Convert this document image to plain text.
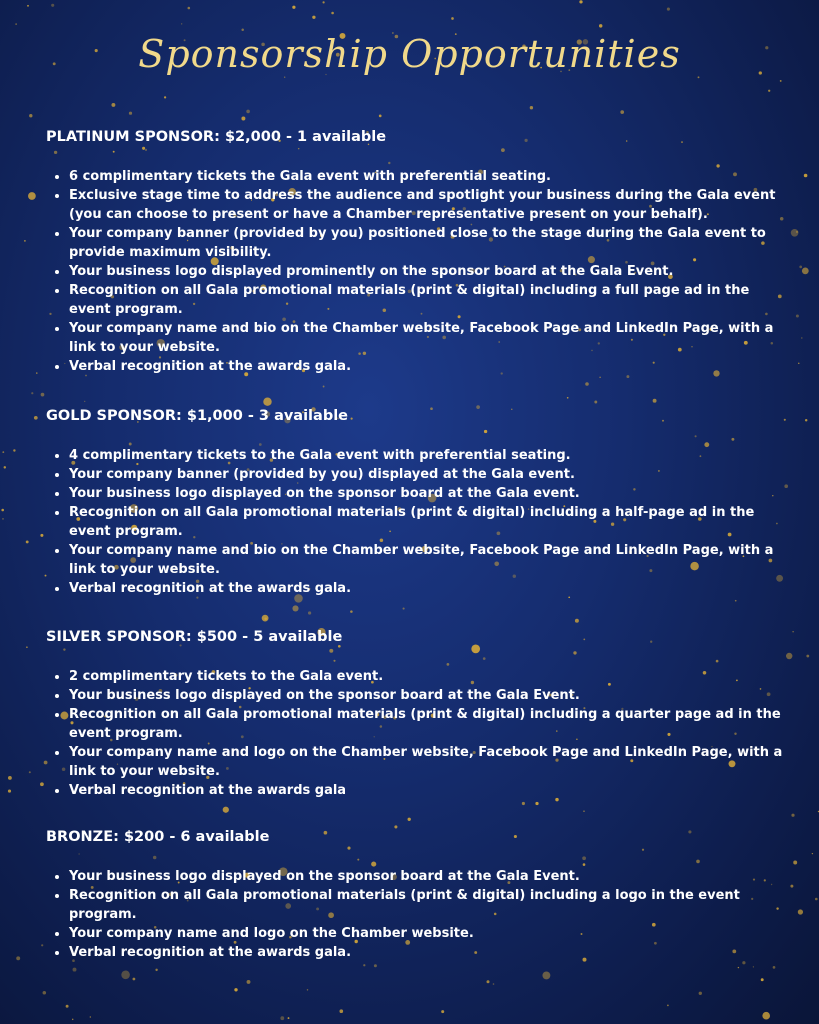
Sponsorship Opportunities
PLATINUM SPONSOR: $2,000 - 1 available
• 6 complimentary tickets the Gala event with preferential seating.
• Exclusive stage time to address the audience and spotlight your business during the Gala event (you can choose to present or have a Chamber representative present on your behalf).
• Your company banner (provided by you) positioned close to the stage during the Gala event to provide maximum visibility.
• Your business logo displayed prominently on the sponsor board at the Gala Event.
• Recognition on all Gala promotional materials (print & digital) including a full page ad in the event program.
• Your company name and bio on the Chamber website, Facebook Page and LinkedIn Page, with a link to your website.
• Verbal recognition at the awards gala.
GOLD SPONSOR: $1,000 - 3 available
• 4 complimentary tickets to the Gala event with preferential seating.
• Your company banner (provided by you) displayed at the Gala event.
• Your business logo displayed on the sponsor board at the Gala event.
• Recognition on all Gala promotional materials (print & digital) including a half-page ad in the event program.
• Your company name and bio on the Chamber website, Facebook Page and LinkedIn Page, with a link to your website.
• Verbal recognition at the awards gala.
SILVER SPONSOR: $500 - 5 available
• 2 complimentary tickets to the Gala event.
• Your business logo displayed on the sponsor board at the Gala Event.
• Recognition on all Gala promotional materials (print & digital) including a quarter page ad in the event program.
• Your company name and logo on the Chamber website, Facebook Page and LinkedIn Page, with a link to your website.
• Verbal recognition at the awards gala
BRONZE: $200 - 6 available
• Your business logo displayed on the sponsor board at the Gala Event.
• Recognition on all Gala promotional materials (print & digital) including a logo in the event program.
• Your company name and logo on the Chamber website.
• Verbal recognition at the awards gala.
